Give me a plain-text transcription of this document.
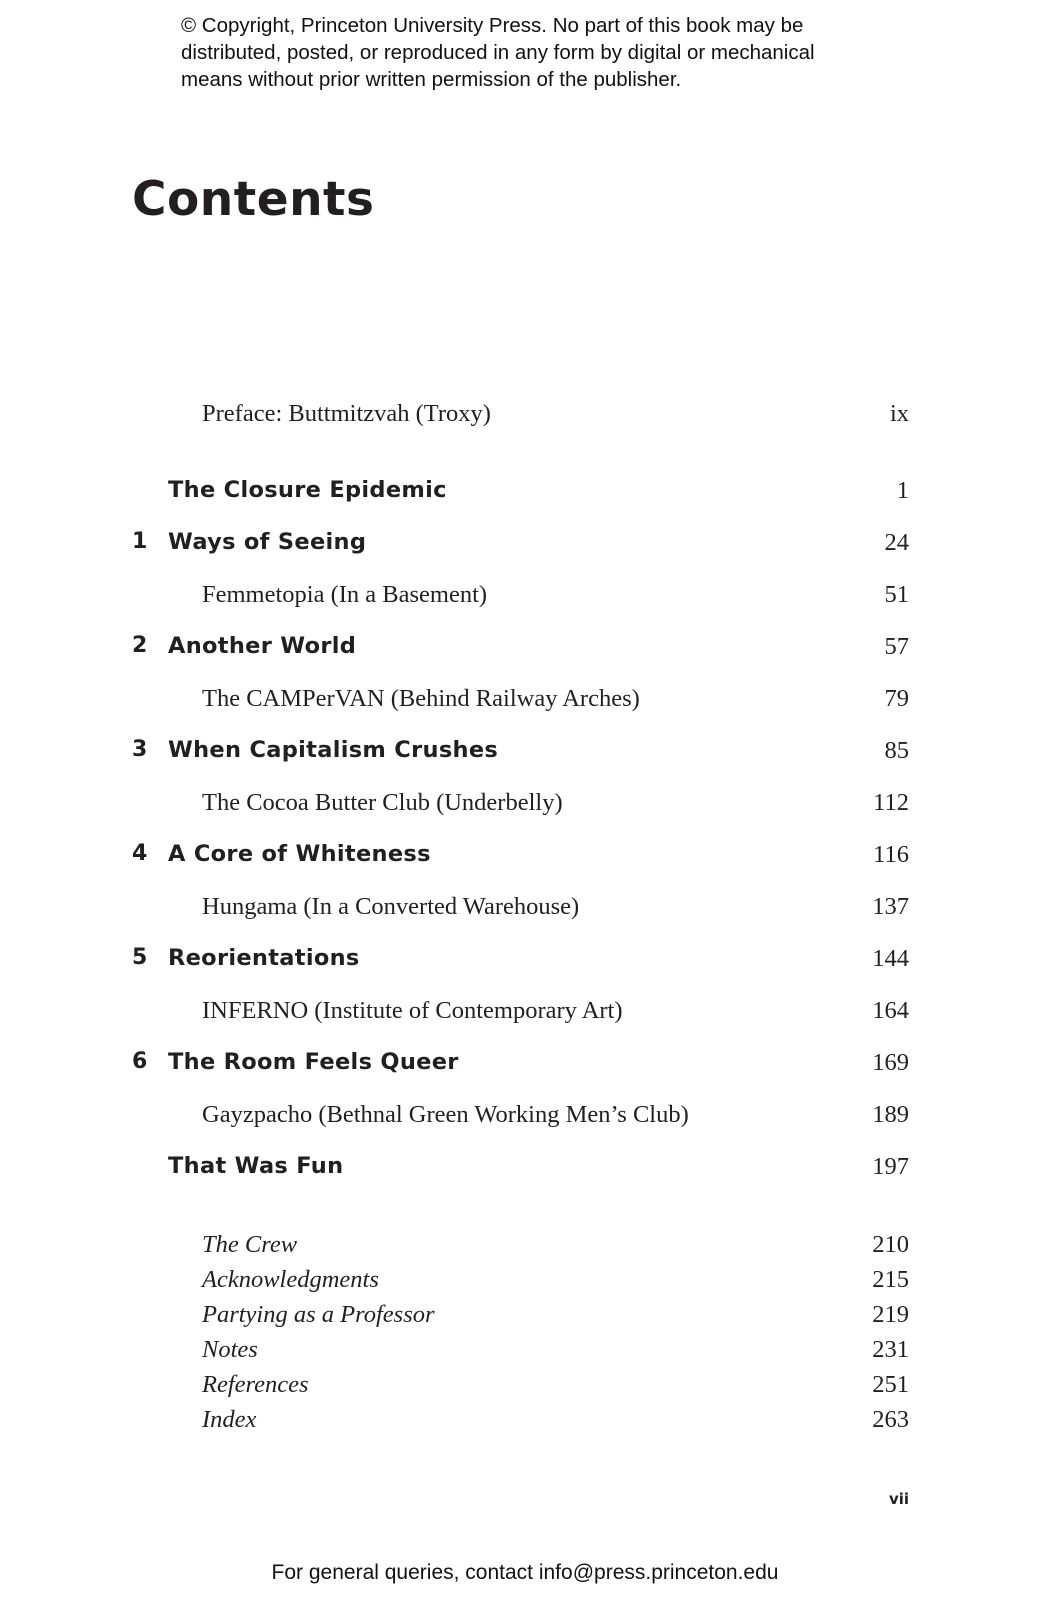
© Copyright, Princeton University Press. No part of this book may be
distributed, posted, or reproduced in any form by digital or mechanical
means without prior written permission of the publisher.
Contents
Preface: Buttmitzvah (Troxy)	ix
The Closure Epidemic	1
1 Ways of Seeing	24
Femmetopia (In a Basement)	51
2 Another World	57
The CAMPerVAN (Behind Railway Arches)	79
3 When Capitalism Crushes	85
The Cocoa Butter Club (Underbelly)	112
4 A Core of Whiteness	116
Hungama (In a Converted Warehouse)	137
5 Reorientations	144
INFERNO (Institute of Contemporary Art)	164
6 The Room Feels Queer	169
Gayzpacho (Bethnal Green Working Men’s Club)	189
That Was Fun	197
The Crew	210
Acknowledgments	215
Partying as a Professor	219
Notes	231
References	251
Index	263
vii
For general queries, contact info@press.princeton.edu
